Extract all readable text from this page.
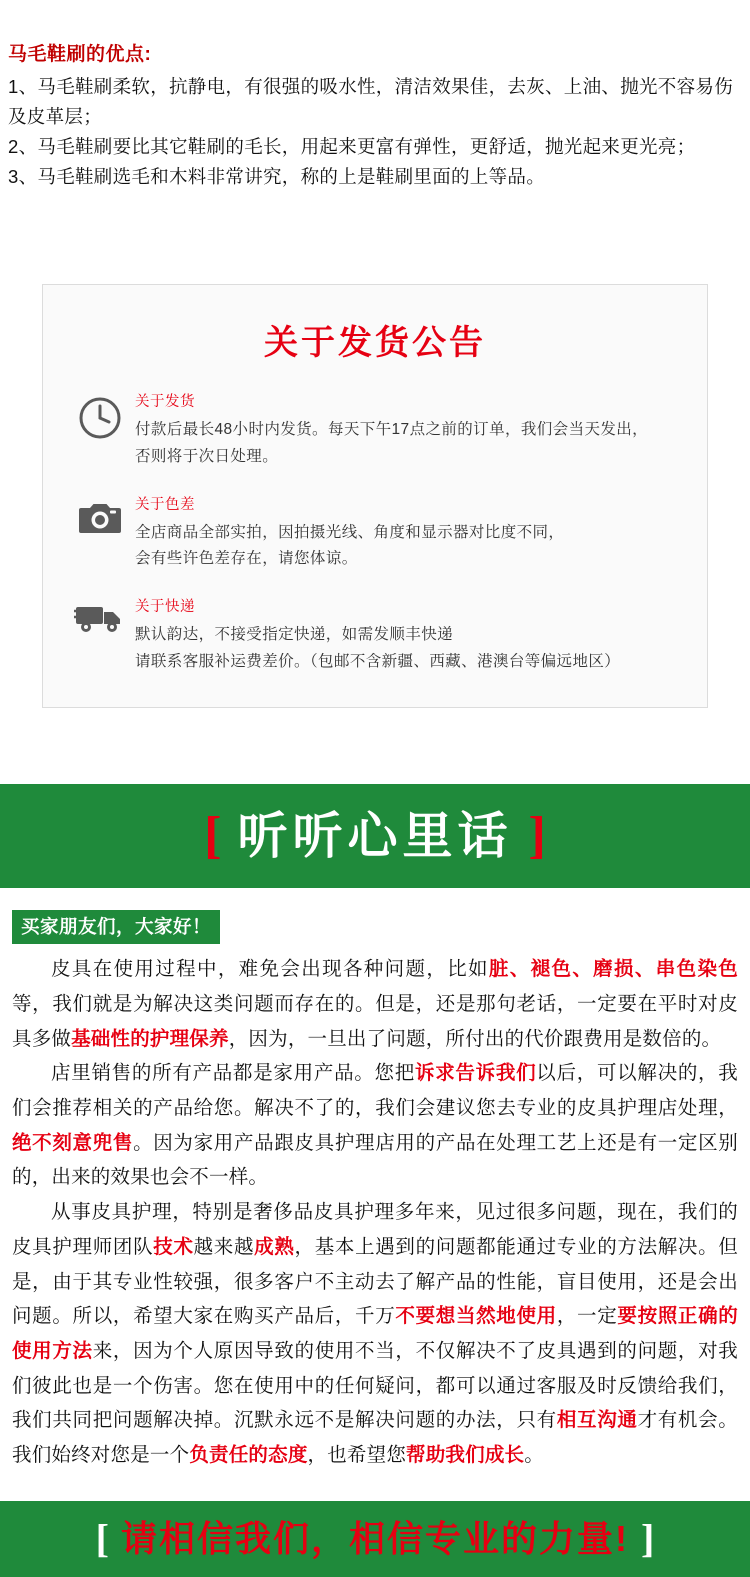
马毛鞋刷的优点:

1、马毛鞋刷柔软，抗静电，有很强的吸水性，清洁效果佳，去灰、上油、抛光不容易伤及皮革层；

2、马毛鞋刷要比其它鞋刷的毛长，用起来更富有弹性，更舒适，抛光起来更光亮；

3、马毛鞋刷选毛和木料非常讲究，称的上是鞋刷里面的上等品。

关于发货公告

关于发货

付款后最长48小时内发货。每天下午17点之前的订单，我们会当天发出，

否则将于次日处理。

关于色差

全店商品全部实拍，因拍摄光线、角度和显示器对比度不同，

会有些许色差存在，请您体谅。

关于快递

默认韵达，不接受指定快递，如需发顺丰快递

请联系客服补运费差价。（包邮不含新疆、西藏、港澳台等偏远地区）

[ 听听心里话 ]
买家朋友们，大家好！

皮具在使用过程中，难免会出现各种问题，比如脏、褪色、磨损、串色染色等，我们就是为解决这类问题而存在的。但是，还是那句老话，一定要在平时对皮具多做基础性的护理保养，因为，一旦出了问题，所付出的代价跟费用是数倍的。

店里销售的所有产品都是家用产品。您把诉求告诉我们以后，可以解决的，我们会推荐相关的产品给您。解决不了的，我们会建议您去专业的皮具护理店处理，绝不刻意兜售。因为家用产品跟皮具护理店用的产品在处理工艺上还是有一定区别的，出来的效果也会不一样。

从事皮具护理，特别是奢侈品皮具护理多年来，见过很多问题，现在，我们的皮具护理师团队技术越来越成熟，基本上遇到的问题都能通过专业的方法解决。但是，由于其专业性较强，很多客户不主动去了解产品的性能，盲目使用，还是会出问题。所以，希望大家在购买产品后，千万不要想当然地使用，一定要按照正确的使用方法来，因为个人原因导致的使用不当，不仅解决不了皮具遇到的问题，对我们彼此也是一个伤害。您在使用中的任何疑问，都可以通过客服及时反馈给我们，我们共同把问题解决掉。沉默永远不是解决问题的办法，只有相互沟通才有机会。我们始终对您是一个负责任的态度，也希望您帮助我们成长。

[ 请相信我们，相信专业的力量! ]
